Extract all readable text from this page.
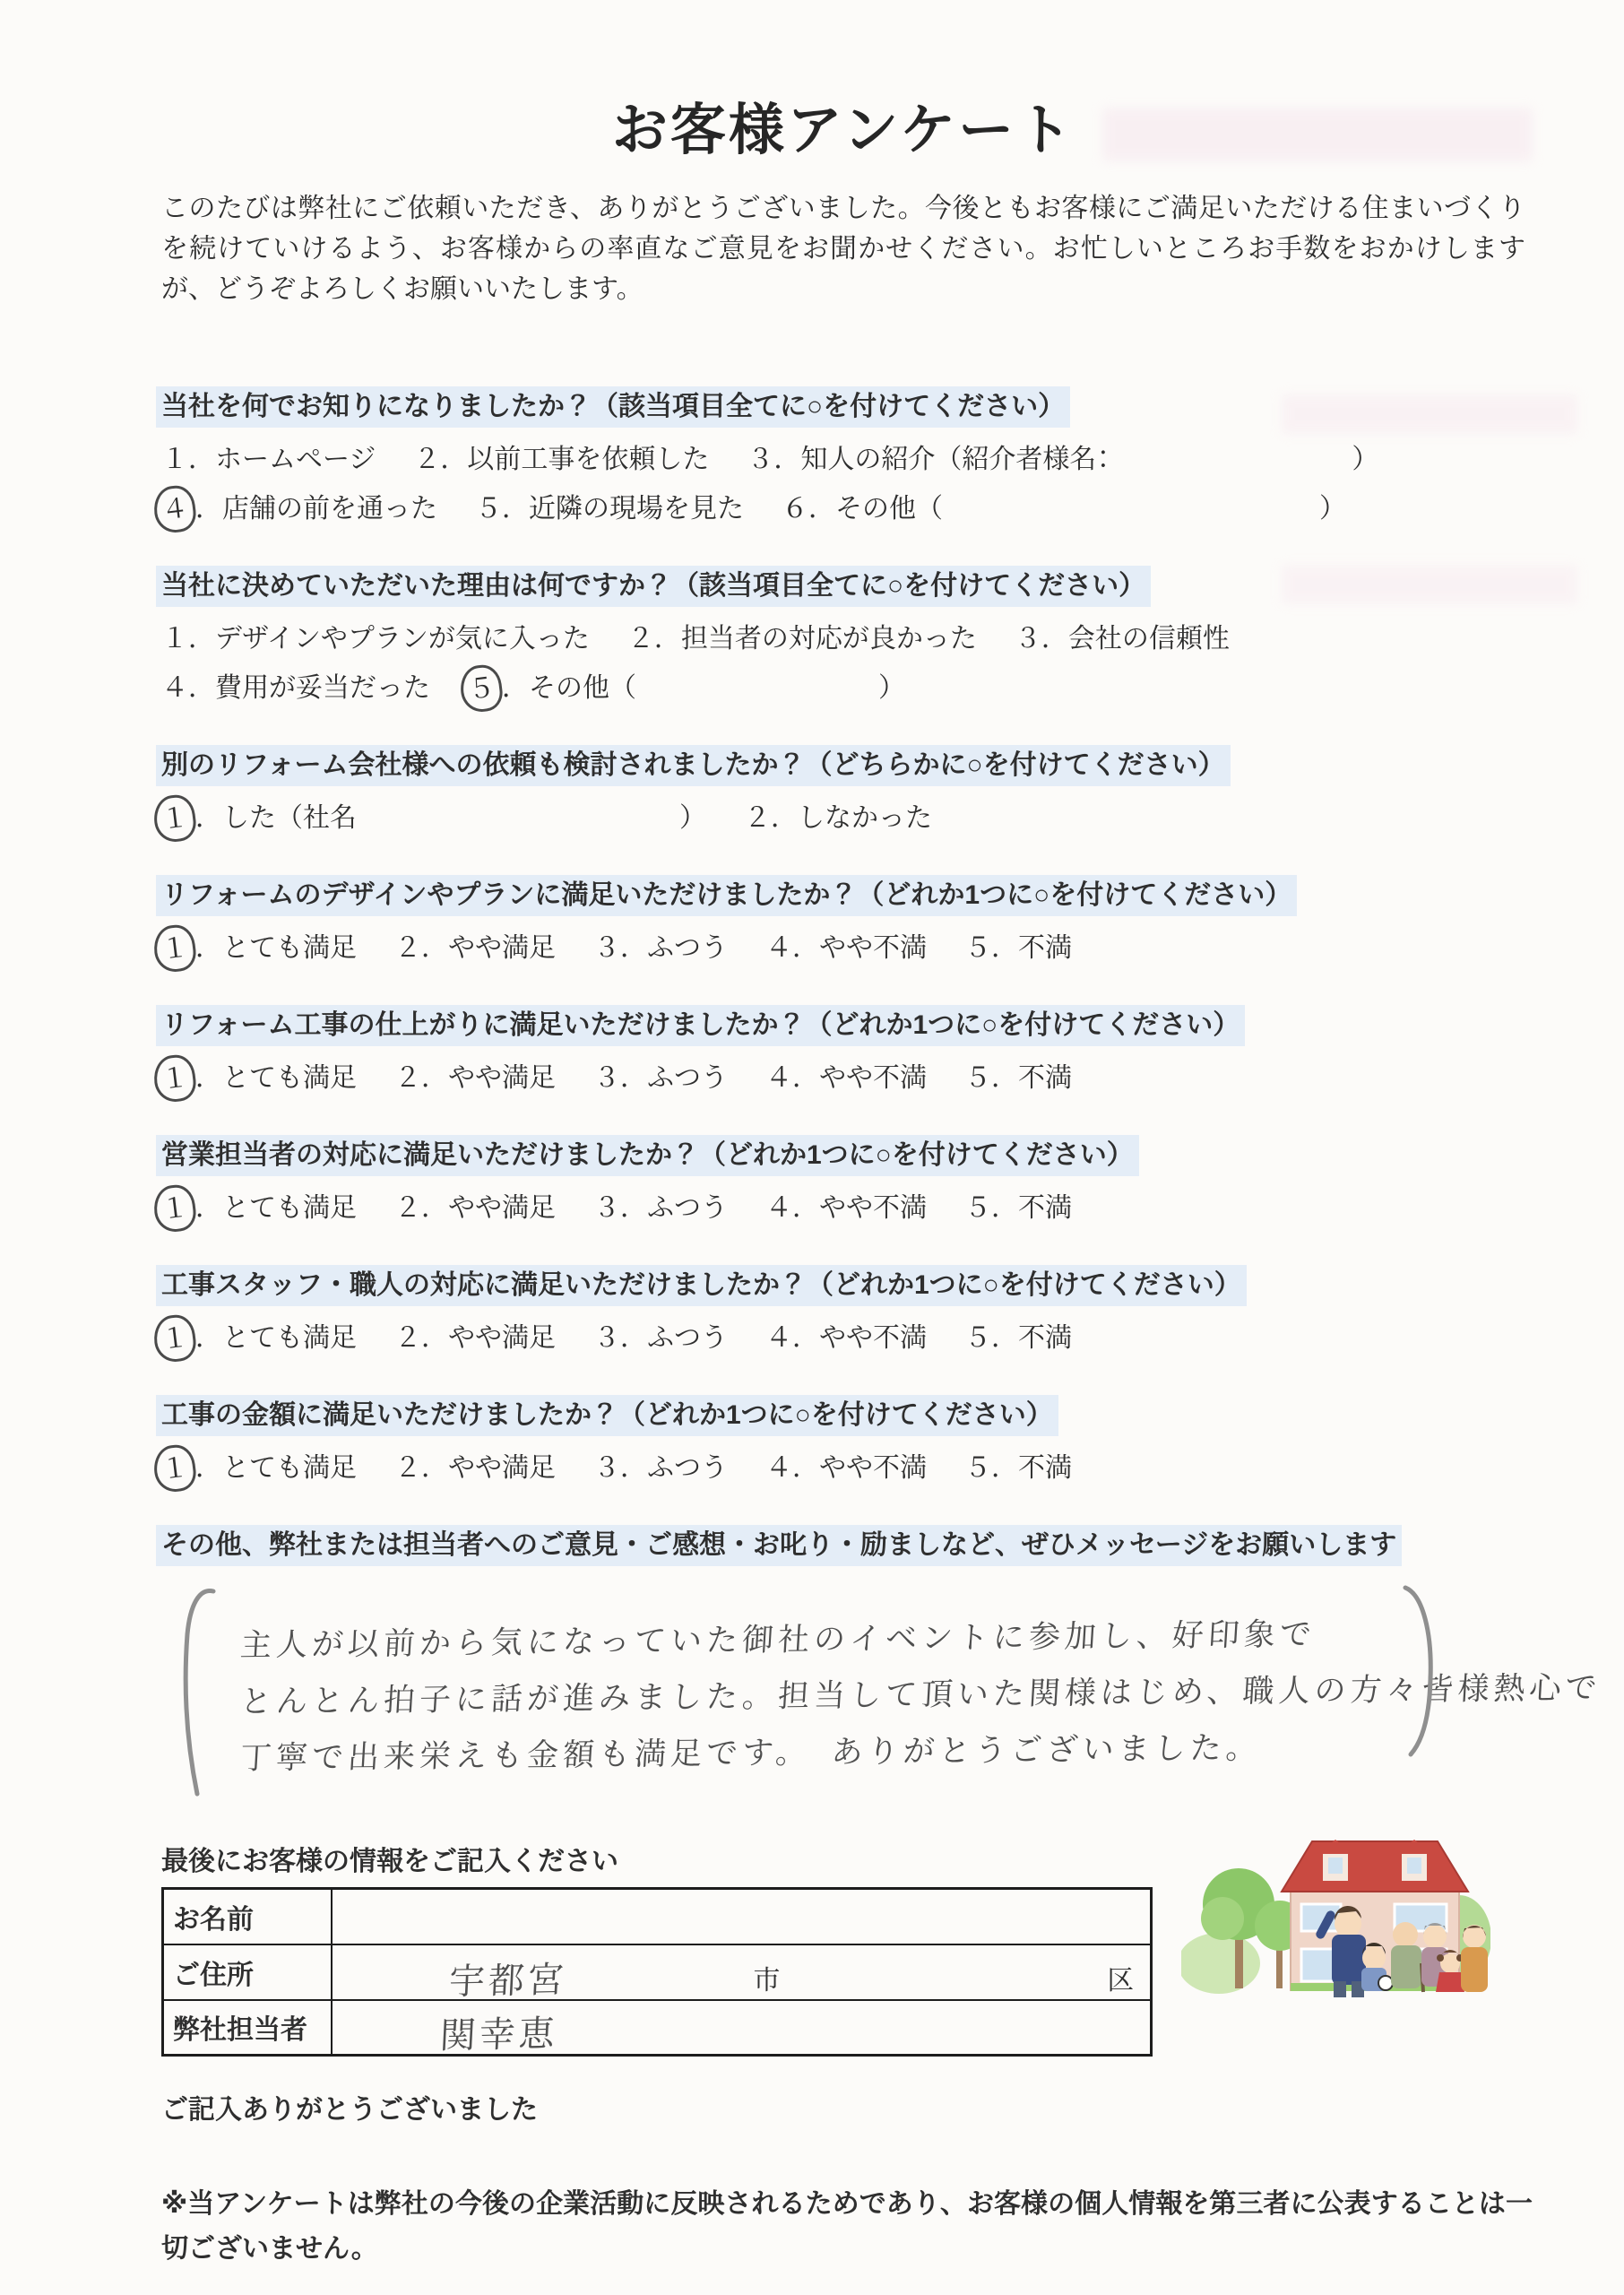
お客様アンケート
このたびは弊社にご依頼いただき、ありがとうございました。今後ともお客様にご満足いただける住まいづくりを続けていけるよう、お客様からの率直なご意見をお聞かせください。お忙しいところお手数をおかけしますが、どうぞよろしくお願いいたします。
当社を何でお知りになりましたか？（該当項目全てに○を付けてください）

１．ホームページ ２．以前工事を依頼した ３．知人の紹介（紹介者様名：　　　　　　　　　）
４ ．店舗の前を通った ５．近隣の現場を見た ６．その他（　　　　　　　　　　　　　　）
当社に決めていただいた理由は何ですか？（該当項目全てに○を付けてください）

１．デザインやプランが気に入った ２．担当者の対応が良かった ３．会社の信頼性
４．費用が妥当だった ５ ．その他（　　　　　　　　　）
別のリフォーム会社様への依頼も検討されましたか？（どちらかに○を付けてください）

１ ．した（社名　　　　　　　　　　　　） ２．しなかった
リフォームのデザインやプランに満足いただけましたか？（どれか1つに○を付けてください）

１ ．とても満足 ２．やや満足 ３．ふつう ４．やや不満 ５．不満
リフォーム工事の仕上がりに満足いただけましたか？（どれか1つに○を付けてください）

１ ．とても満足 ２．やや満足 ３．ふつう ４．やや不満 ５．不満
営業担当者の対応に満足いただけましたか？（どれか1つに○を付けてください）

１ ．とても満足 ２．やや満足 ３．ふつう ４．やや不満 ５．不満
工事スタッフ・職人の対応に満足いただけましたか？（どれか1つに○を付けてください）

１ ．とても満足 ２．やや満足 ３．ふつう ４．やや不満 ５．不満
工事の金額に満足いただけましたか？（どれか1つに○を付けてください）

１ ．とても満足 ２．やや満足 ３．ふつう ４．やや不満 ５．不満
その他、弊社または担当者へのご意見・ご感想・お叱り・励ましなど、ぜひメッセージをお願いします
主人が以前から気になっていた御社のイベントに参加し、好印象で
とんとん拍子に話が進みました。担当して頂いた関様はじめ、職人の方々皆様熱心で
丁寧で出来栄えも金額も満足です。　ありがとうございました。
最後にお客様の情報をご記入ください
お名前	
ご住所	宇都宮 市 区

弊社担当者	関幸恵
ご記入ありがとうございました
※当アンケートは弊社の今後の企業活動に反映されるためであり、お客様の個人情報を第三者に公表することは一切ございません。
